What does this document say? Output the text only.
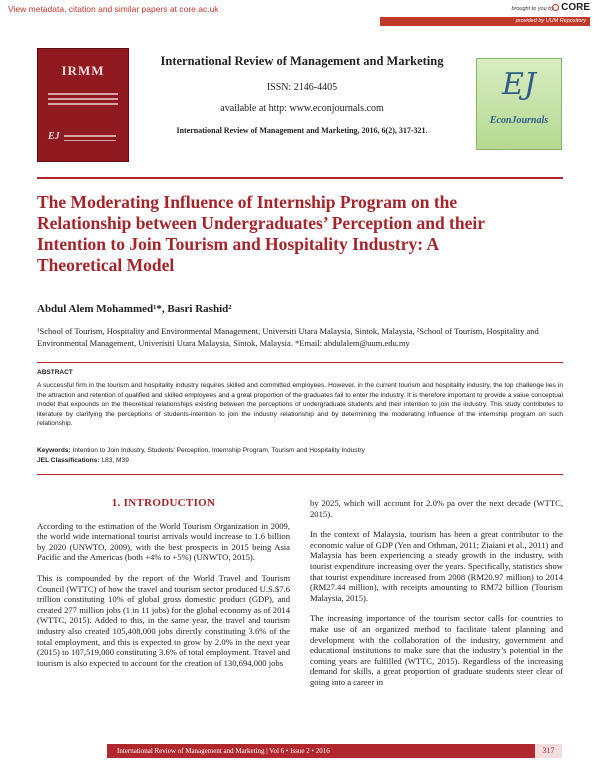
View metadata, citation and similar papers at core.ac.uk	brought to you by CORE
provided by UUM Repository
IRMM
EJ
International Review of Management and Marketing
ISSN: 2146-4405
available at http: www.econjournals.com
International Review of Management and Marketing, 2016, 6(2), 317-321.
EJ
EconJournals
The Moderating Influence of Internship Program on the Relationship between Undergraduates’ Perception and their Intention to Join Tourism and Hospitality Industry: A Theoretical Model
Abdul Alem Mohammed¹*, Basri Rashid²
¹School of Tourism, Hospitality and Environmental Management, Universiti Utara Malaysia, Sintok, Malaysia, ²School of Tourism, Hospitality and Environmental Management, Univerisiti Utara Malaysia, Sintok, Malaysia. *Email: abdulalem@uum.edu.my
ABSTRACT
A successful firm in the tourism and hospitality industry requires skilled and committed employees. However, in the current tourism and hospitality industry, the top challenge lies in the attraction and retention of qualified and skilled employees and a great proportion of the graduates fail to enter the industry. It is therefore important to provide a value conceptual model that expounds on the theoretical relationships existing between the perceptions of undergraduate students and their intention to join the industry. This study contributes to literature by clarifying the perceptions of students-intention to join the industry relationship and by determining the moderating influence of the internship program on such relationship.
Keywords: Intention to Join Industry, Students’ Perception, Internship Program, Tourism and Hospitality Industry
JEL Classifications: L83, M39
1. INTRODUCTION

According to the estimation of the World Tourism Organization in 2009, the world wide international tourist arrivals would increase to 1.6 billion by 2020 (UNWTO, 2009), with the best prospects in 2015 being Asia Pacific and the Americas (both +4% to +5%) (UNWTO, 2015).

This is compounded by the report of the World Travel and Tourism Council (WTTC) of how the travel and tourism sector produced U.S.$7.6 trillion constituting 10% of global gross domestic product (GDP), and created 277 million jobs (1 in 11 jobs) for the global economy as of 2014 (WTTC, 2015). Added to this, in the same year, the travel and tourism industry also created 105,408,000 jobs directly constituting 3.6% of the total employment, and this is expected to grow by 2.0% in the next year (2015) to 107,519,000 constituting 3.6% of total employment. Travel and tourism is also expected to account for the creation of 130,694,000 jobs

by 2025, which will account for 2.0% pa over the next decade (WTTC, 2015).

In the context of Malaysia, tourism has been a great contributor to the economic value of GDP (Yen and Othman, 2011; Ziaiani et al., 2011) and Malaysia has been experiencing a steady growth in the industry, with tourist expenditure increasing over the years. Specifically, statistics show that tourist expenditure increased from 2008 (RM20.97 million) to 2014 (RM27.44 million), with receipts amounting to RM72 billion (Tourism Malaysia, 2015).

The increasing importance of the tourism sector calls for countries to make use of an organized method to facilitate talent planning and development with the collaboration of the industry, government and educational institutions to make sure that the industry’s potential in the coming years are fulfilled (WTTC, 2015). Regardless of the increasing demand for skills, a great proportion of graduate students steer clear of going into a career in

International Review of Management and Marketing | Vol 6 • Issue 2 • 2016	317
